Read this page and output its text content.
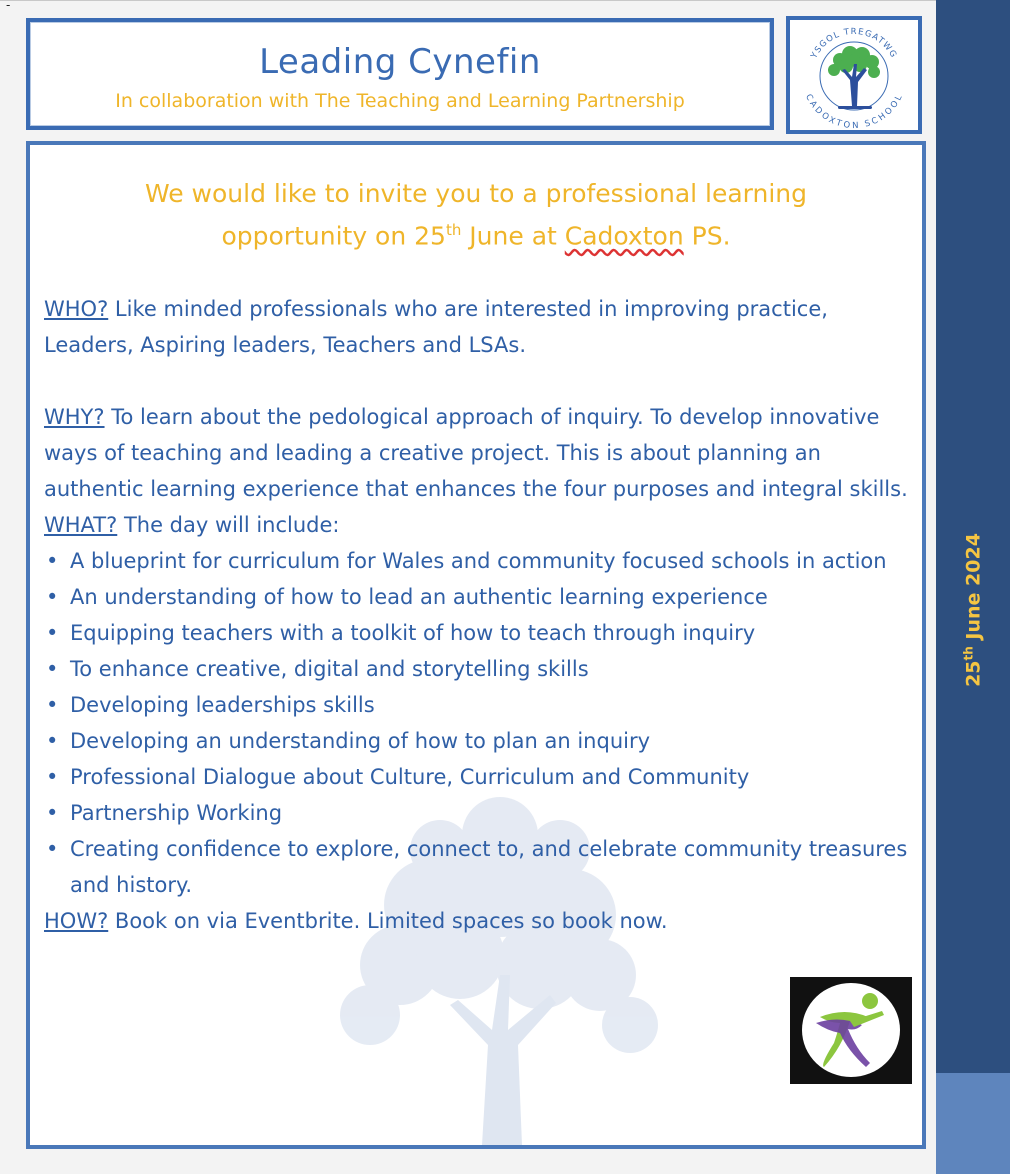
-
Leading Cynefin
In collaboration with The Teaching and Learning Partnership
YSGOL TREGATWG
CADOXTON SCHOOL
We would like to invite you to a professional learning
opportunity on 25th June at Cadoxton PS.

WHO? Like minded professionals who are interested in improving practice, Leaders, Aspiring leaders, Teachers and LSAs.

WHY? To learn about the pedological approach of inquiry. To develop innovative ways of teaching and leading a creative project. This is about planning an authentic learning experience that enhances the four purposes and integral skills.

WHAT? The day will include:

• A blueprint for curriculum for Wales and community focused schools in action
• An understanding of how to lead an authentic learning experience
• Equipping teachers with a toolkit of how to teach through inquiry
• To enhance creative, digital and storytelling skills
• Developing leaderships skills
• Developing an understanding of how to plan an inquiry
• Professional Dialogue about Culture, Curriculum and Community
• Partnership Working
• Creating confidence to explore, connect to, and celebrate community treasures and history.

HOW? Book on via Eventbrite. Limited spaces so book now.

25th June 2024
